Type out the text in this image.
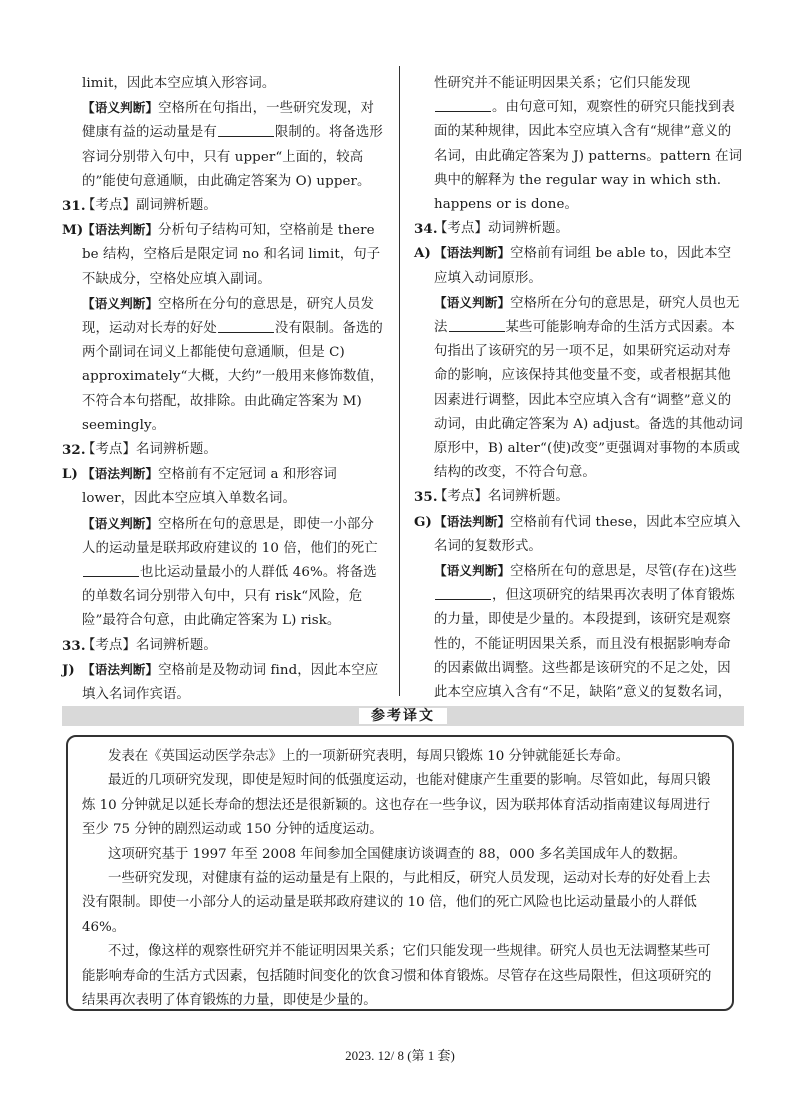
limit，因此本空应填入形容词。

【语义判断】空格所在句指出，一些研究发现，对健康有益的运动量是有	限制的。将备选形容词分别带入句中，只有 upper“上面的，较高的”能使句意通顺，由此确定答案为 O) upper。

31.
【考点】副词辨析题。
M)
【语法判断】分析句子结构可知，空格前是 there be 结构，空格后是限定词 no 和名词 limit，句子不缺成分，空格处应填入副词。

【语义判断】空格所在分句的意思是，研究人员发现，运动对长寿的好处	没有限制。备选的两个副词在词义上都能使句意通顺，但是 C) approximately“大概，大约”一般用来修饰数值，不符合本句搭配，故排除。由此确定答案为 M) seemingly。

32.
【考点】名词辨析题。
L) 【语法判断】空格前有不定冠词 a 和形容词 lower，因此本空应填入单数名词。

【语义判断】空格所在句的意思是，即使一小部分人的运动量是联邦政府建议的 10 倍，他们的死亡也比运动量最小的人群低 46%。将备选的单数名词分别带入句中，只有 risk“风险，危险”最符合句意，由此确定答案为 L) risk。

33.
【考点】名词辨析题。
J) 【语法判断】空格前是及物动词 find，因此本空应填入名词作宾语。

性研究并不能证明因果关系；它们只能发现。由句意可知，观察性的研究只能找到表面的某种规律，因此本空应填入含有“规律”意义的名词，由此确定答案为 J) patterns。pattern 在词典中的解释为 the regular way in which sth. happens or is done。

34.
【考点】动词辨析题。
A) 【语法判断】空格前有词组 be able to，因此本空应填入动词原形。

【语义判断】空格所在分句的意思是，研究人员也无法	某些可能影响寿命的生活方式因素。本句指出了该研究的另一项不足，如果研究运动对寿命的影响，应该保持其他变量不变，或者根据其他因素进行调整，因此本空应填入含有“调整”意义的动词，由此确定答案为 A) adjust。备选的其他动词原形中，B) alter“(使)改变”更强调对事物的本质或结构的改变，不符合句意。

35.
【考点】名词辨析题。
G) 【语法判断】空格前有代词 these，因此本空应填入名词的复数形式。

【语义判断】空格所在句的意思是，尽管(存在)这些，但这项研究的结果再次表明了体育锻炼的力量，即使是少量的。本段提到，该研究是观察性的，不能证明因果关系，而且没有根据影响寿命的因素做出调整。这些都是该研究的不足之处，因此本空应填入含有“不足，缺陷”意义的复数名词，

参考译文

发表在《英国运动医学杂志》上的一项新研究表明，每周只锻炼 10 分钟就能延长寿命。

最近的几项研究发现，即使是短时间的低强度运动，也能对健康产生重要的影响。尽管如此，每周只锻炼 10 分钟就足以延长寿命的想法还是很新颖的。这也存在一些争议，因为联邦体育活动指南建议每周进行至少 75 分钟的剧烈运动或 150 分钟的适度运动。

这项研究基于 1997 年至 2008 年间参加全国健康访谈调查的 88，000 多名美国成年人的数据。

一些研究发现，对健康有益的运动量是有上限的，与此相反，研究人员发现，运动对长寿的好处看上去没有限制。即使一小部分人的运动量是联邦政府建议的 10 倍，他们的死亡风险也比运动量最小的人群低 46%。

不过，像这样的观察性研究并不能证明因果关系；它们只能发现一些规律。研究人员也无法调整某些可能影响寿命的生活方式因素，包括随时间变化的饮食习惯和体育锻炼。尽管存在这些局限性，但这项研究的结果再次表明了体育锻炼的力量，即使是少量的。

2023. 12/ 8 (第 1 套)
